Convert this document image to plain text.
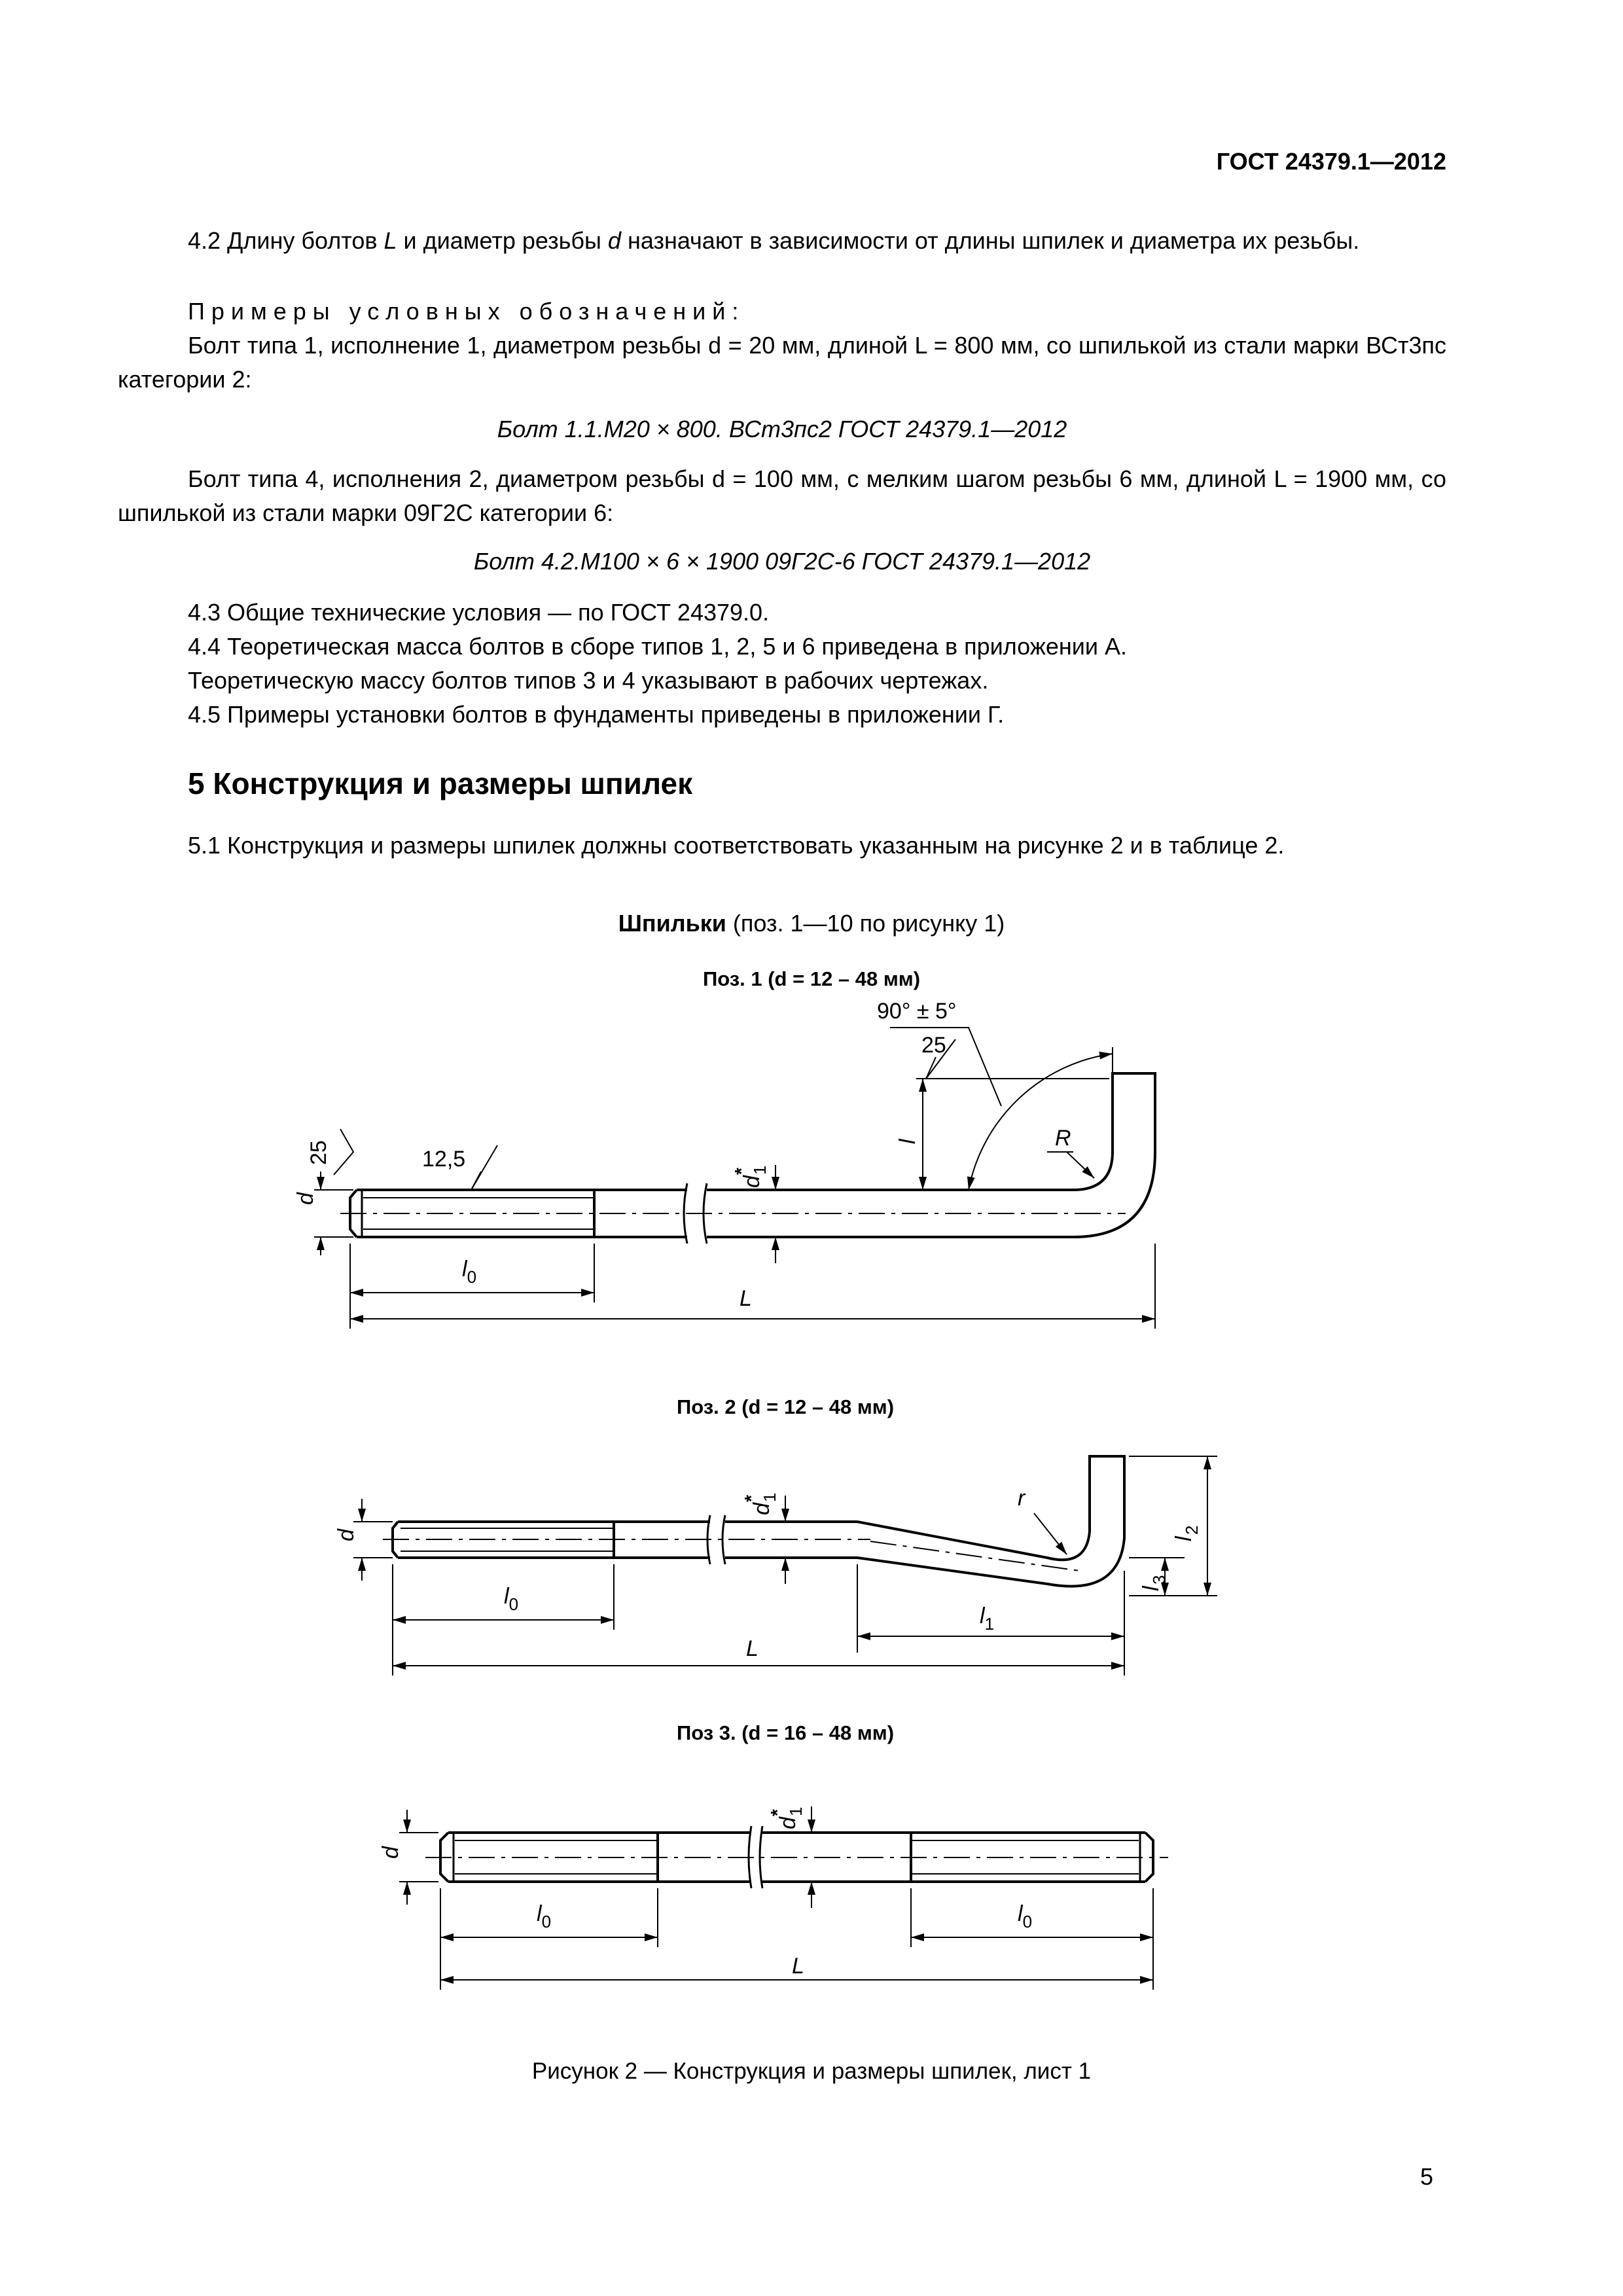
ГОСТ 24379.1—2012
4.2 Длину болтов L и диаметр резьбы d назначают в зависимости от длины шпилек и диаметра их резьбы.
Примеры условных обозначений:
Болт типа 1, исполнение 1, диаметром резьбы d = 20 мм, длиной L = 800 мм, со шпилькой из стали марки ВСт3пс категории 2:
Болт 1.1.М20 × 800. ВСт3пс2 ГОСТ 24379.1—2012
Болт типа 4, исполнения 2, диаметром резьбы d = 100 мм, с мелким шагом резьбы 6 мм, длиной L = 1900 мм, со шпилькой из стали марки 09Г2С категории 6:
Болт 4.2.М100 × 6 × 1900 09Г2С-6 ГОСТ 24379.1—2012
4.3 Общие технические условия — по ГОСТ 24379.0.
4.4 Теоретическая масса болтов в сборе типов 1, 2, 5 и 6 приведена в приложении А.
Теоретическую массу болтов типов 3 и 4 указывают в рабочих чертежах.
4.5 Примеры установки болтов в фундаменты приведены в приложении Г.
5 Конструкция и размеры шпилек
5.1 Конструкция и размеры шпилек должны соответствовать указанным на рисунке 2 и в таблице 2.
Шпильки (поз. 1—10 по рисунку 1)
Поз. 1 (d = 12 – 48 мм)
Поз. 2 (d = 12 – 48 мм)
Поз 3. (d = 16 – 48 мм)
90° ± 5°
25
12,5
l	R
$l_0$
L
d
d
1
*
25
r
$l_0$	$l_1$
L
l
2
l
3
d
d
1
*
$l_0$	$l_0$
L
d
d
1
*
Рисунок 2 — Конструкция и размеры шпилек, лист 1
5
